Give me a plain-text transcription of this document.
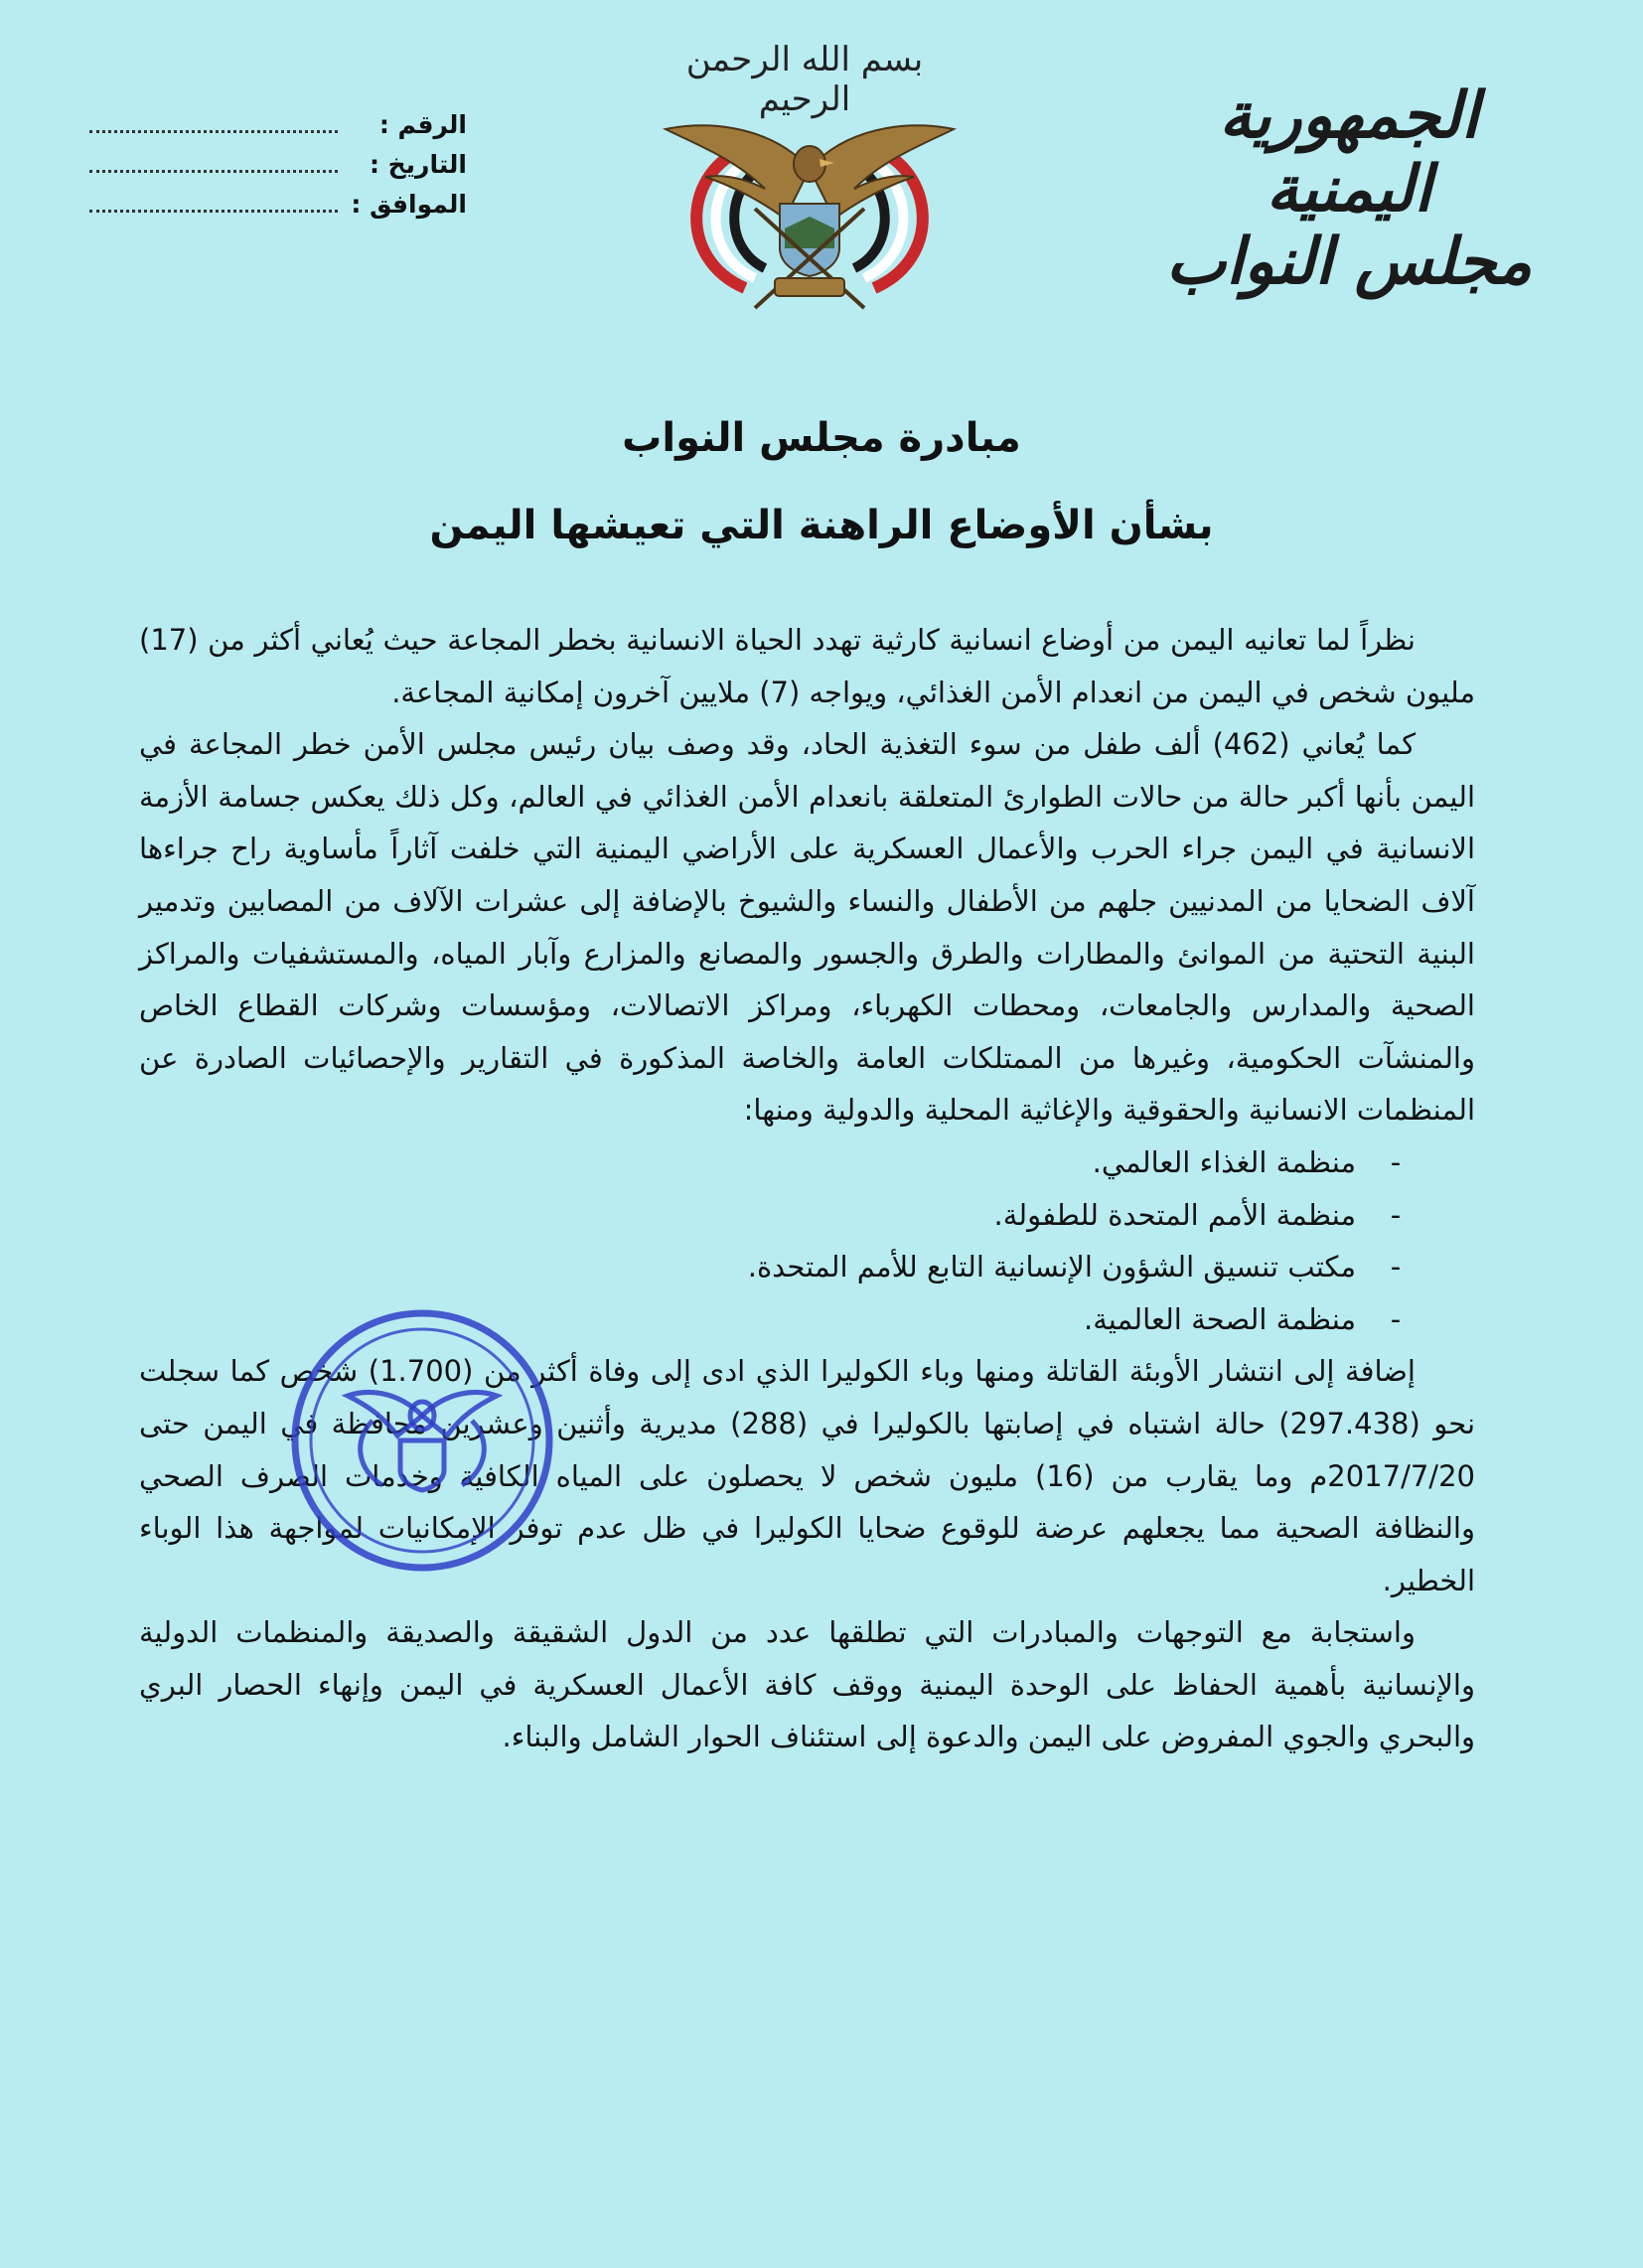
بسم الله الرحمن الرحيم	الجمهورية اليمنية
مجلس النواب
الرقم :
التاريخ :
الموافق :
مبادرة مجلس النواب
بشأن الأوضاع الراهنة التي تعيشها اليمن

نظراً لما تعانيه اليمن من أوضاع انسانية كارثية تهدد الحياة الانسانية بخطر المجاعة حيث يُعاني أكثر من (17) مليون شخص في اليمن من انعدام الأمن الغذائي، ويواجه (7) ملايين آخرون إمكانية المجاعة.

كما يُعاني (462) ألف طفل من سوء التغذية الحاد، وقد وصف بيان رئيس مجلس الأمن خطر المجاعة في اليمن بأنها أكبر حالة من حالات الطوارئ المتعلقة بانعدام الأمن الغذائي في العالم، وكل ذلك يعكس جسامة الأزمة الانسانية في اليمن جراء الحرب والأعمال العسكرية على الأراضي اليمنية التي خلفت آثاراً مأساوية راح جراءها آلاف الضحايا من المدنيين جلهم من الأطفال والنساء والشيوخ بالإضافة إلى عشرات الآلاف من المصابين وتدمير البنية التحتية من الموانئ والمطارات والطرق والجسور والمصانع والمزارع وآبار المياه، والمستشفيات والمراكز الصحية والمدارس والجامعات، ومحطات الكهرباء، ومراكز الاتصالات، ومؤسسات وشركات القطاع الخاص والمنشآت الحكومية، وغيرها من الممتلكات العامة والخاصة المذكورة في التقارير والإحصائيات الصادرة عن المنظمات الانسانية والحقوقية والإغاثية المحلية والدولية ومنها:

-
منظمة الغذاء العالمي.
-
منظمة الأمم المتحدة للطفولة.
-
مكتب تنسيق الشؤون الإنسانية التابع للأمم المتحدة.
-
منظمة الصحة العالمية.

إضافة إلى انتشار الأوبئة القاتلة ومنها وباء الكوليرا الذي ادى إلى وفاة أكثر من (1.700) شخص كما سجلت نحو (297.438) حالة اشتباه في إصابتها بالكوليرا في (288) مديرية وأثنين وعشرين محافظة في اليمن حتى 2017/7/20م وما يقارب من (16) مليون شخص لا يحصلون على المياه الكافية وخدمات الصرف الصحي والنظافة الصحية مما يجعلهم عرضة للوقوع ضحايا الكوليرا في ظل عدم توفر الإمكانيات لمواجهة هذا الوباء الخطير.

واستجابة مع التوجهات والمبادرات التي تطلقها عدد من الدول الشقيقة والصديقة والمنظمات الدولية والإنسانية بأهمية الحفاظ على الوحدة اليمنية ووقف كافة الأعمال العسكرية في اليمن وإنهاء الحصار البري والبحري والجوي المفروض على اليمن والدعوة إلى استئناف الحوار الشامل والبناء.
